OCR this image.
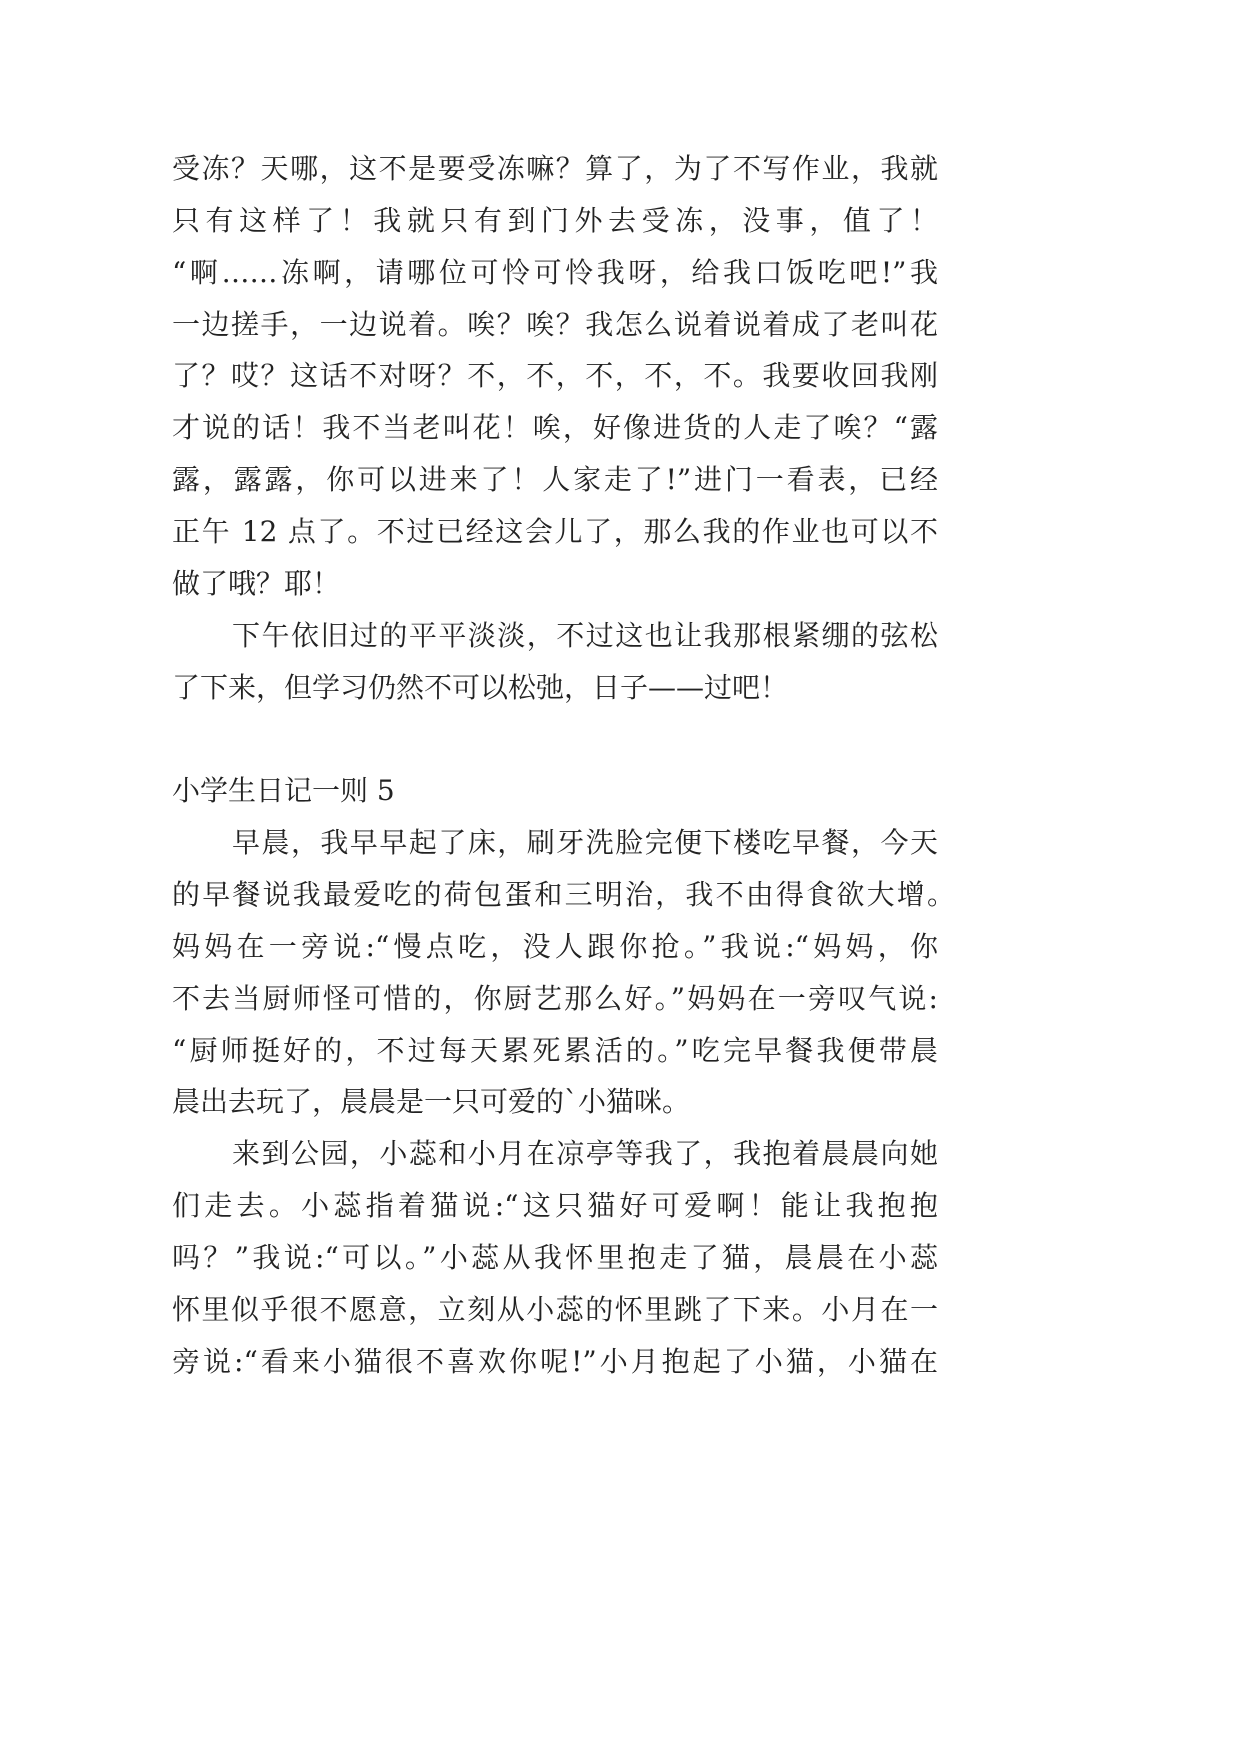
受冻？天哪，这不是要受冻嘛？算了，为了不写作业，我就
只有这样了！我就只有到门外去受冻，没事，值了！
“啊……冻啊，请哪位可怜可怜我呀，给我口饭吃吧!”我
一边搓手，一边说着。唉？唉？我怎么说着说着成了老叫花
了？哎？这话不对呀？不，不，不，不，不。我要收回我刚
才说的话！我不当老叫花！唉，好像进货的人走了唉？“露
露，露露，你可以进来了！人家走了!”进门一看表，已经
正午 12 点了。不过已经这会儿了，那么我的作业也可以不
做了哦？耶！
下午依旧过的平平淡淡，不过这也让我那根紧绷的弦松
了下来，但学习仍然不可以松弛，日子——过吧！
小学生日记一则 5
早晨，我早早起了床，刷牙洗脸完便下楼吃早餐，今天
的早餐说我最爱吃的荷包蛋和三明治，我不由得食欲大增。
妈妈在一旁说:“慢点吃，没人跟你抢。”我说:“妈妈，你
不去当厨师怪可惜的，你厨艺那么好。”妈妈在一旁叹气说:
“厨师挺好的，不过每天累死累活的。”吃完早餐我便带晨
晨出去玩了，晨晨是一只可爱的`小猫咪。
来到公园，小蕊和小月在凉亭等我了，我抱着晨晨向她
们走去。小蕊指着猫说:“这只猫好可爱啊！能让我抱抱
吗？”我说:“可以。”小蕊从我怀里抱走了猫，晨晨在小蕊
怀里似乎很不愿意，立刻从小蕊的怀里跳了下来。小月在一
旁说:“看来小猫很不喜欢你呢!”小月抱起了小猫，小猫在
